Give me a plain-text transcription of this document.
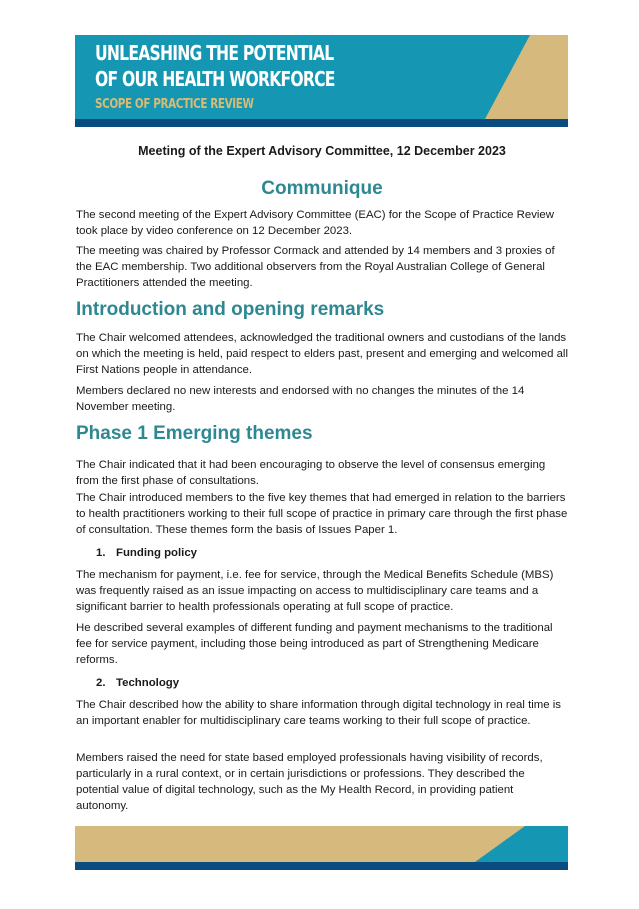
UNLEASHING THE POTENTIAL
OF OUR HEALTH WORKFORCE
SCOPE OF PRACTICE REVIEW
Meeting of the Expert Advisory Committee, 12 December 2023
Communique
The second meeting of the Expert Advisory Committee (EAC) for the Scope of Practice Review took place by video conference on 12 December 2023.
The meeting was chaired by Professor Cormack and attended by 14 members and 3 proxies of the EAC membership. Two additional observers from the Royal Australian College of General Practitioners attended the meeting.
Introduction and opening remarks
The Chair welcomed attendees, acknowledged the traditional owners and custodians of the lands on which the meeting is held, paid respect to elders past, present and emerging and welcomed all First Nations people in attendance.
Members declared no new interests and endorsed with no changes the minutes of the 14 November meeting.
Phase 1 Emerging themes
The Chair indicated that it had been encouraging to observe the level of consensus emerging from the first phase of consultations.
The Chair introduced members to the five key themes that had emerged in relation to the barriers to health practitioners working to their full scope of practice in primary care through the first phase of consultation. These themes form the basis of Issues Paper 1.
1. Funding policy
The mechanism for payment, i.e. fee for service, through the Medical Benefits Schedule (MBS) was frequently raised as an issue impacting on access to multidisciplinary care teams and a significant barrier to health professionals operating at full scope of practice.
He described several examples of different funding and payment mechanisms to the traditional fee for service payment, including those being introduced as part of Strengthening Medicare reforms.
2. Technology
The Chair described how the ability to share information through digital technology in real time is an important enabler for multidisciplinary care teams working to their full scope of practice.
Members raised the need for state based employed professionals having visibility of records, particularly in a rural context, or in certain jurisdictions or professions. They described the potential value of digital technology, such as the My Health Record, in providing patient autonomy.
